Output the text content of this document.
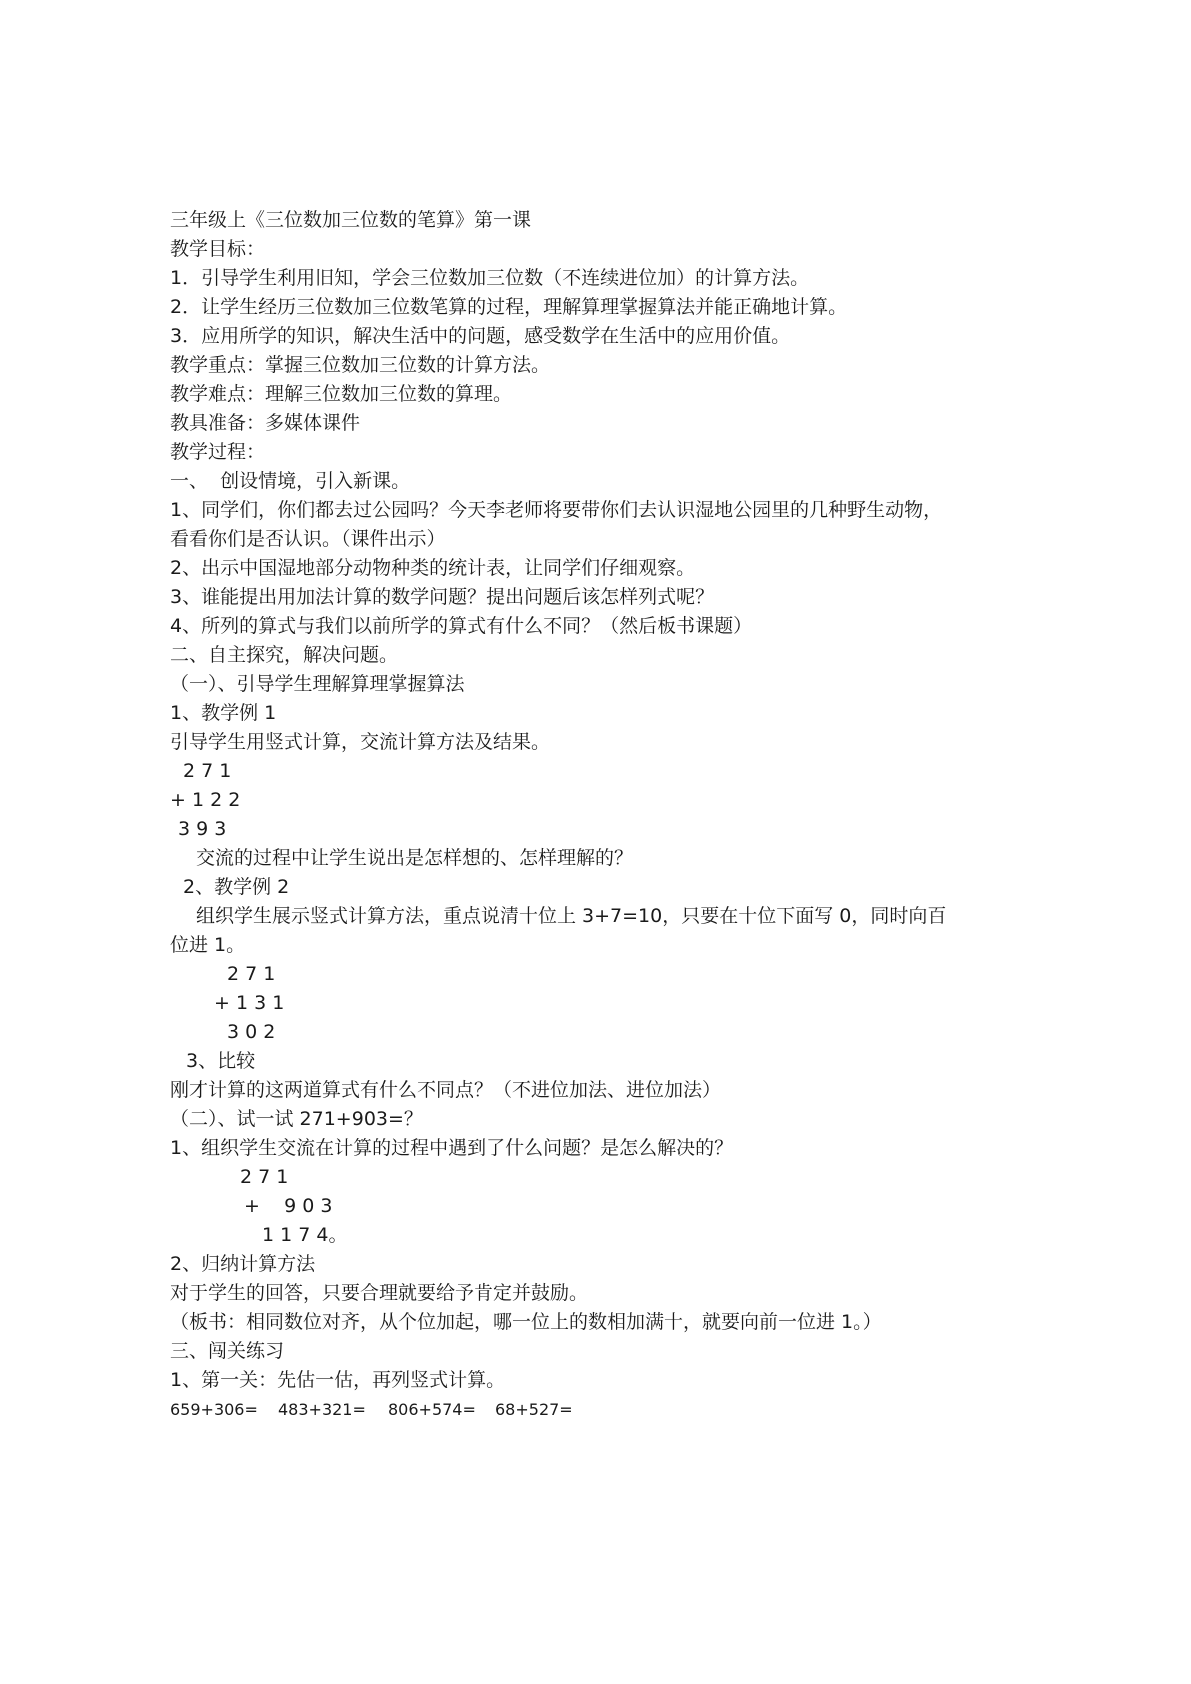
三年级上《三位数加三位数的笔算》第一课
教学目标：
1．引导学生利用旧知，学会三位数加三位数（不连续进位加）的计算方法。
2．让学生经历三位数加三位数笔算的过程，理解算理掌握算法并能正确地计算。
3．应用所学的知识，解决生活中的问题，感受数学在生活中的应用价值。
教学重点：掌握三位数加三位数的计算方法。
教学难点：理解三位数加三位数的算理。
教具准备：多媒体课件
教学过程：
一、  创设情境，引入新课。
1、同学们，你们都去过公园吗？今天李老师将要带你们去认识湿地公园里的几种野生动物，
看看你们是否认识。（课件出示）
2、出示中国湿地部分动物种类的统计表，让同学们仔细观察。
3、谁能提出用加法计算的数学问题？提出问题后该怎样列式呢？
4、所列的算式与我们以前所学的算式有什么不同？（然后板书课题）
二、自主探究，解决问题。
（一）、引导学生理解算理掌握算法
1、教学例 1
引导学生用竖式计算，交流计算方法及结果。
2 7 1
+ 1 2 2
3 9 3
交流的过程中让学生说出是怎样想的、怎样理解的？
2、教学例 2
组织学生展示竖式计算方法，重点说清十位上 3+7=10，只要在十位下面写 0，同时向百
位进 1。
2 7 1
+ 1 3 1
3 0 2
3、比较
刚才计算的这两道算式有什么不同点？（不进位加法、进位加法）
（二）、试一试 271+903=？
1、组织学生交流在计算的过程中遇到了什么问题？是怎么解决的？
2 7 1
+    9 0 3
1 1 7 4。
2、归纳计算方法
对于学生的回答，只要合理就要给予肯定并鼓励。
（板书：相同数位对齐，从个位加起，哪一位上的数相加满十，就要向前一位进 1。）
三、闯关练习
1、第一关：先估一估，再列竖式计算。
659+306= 483+321= 806+574= 68+527=
